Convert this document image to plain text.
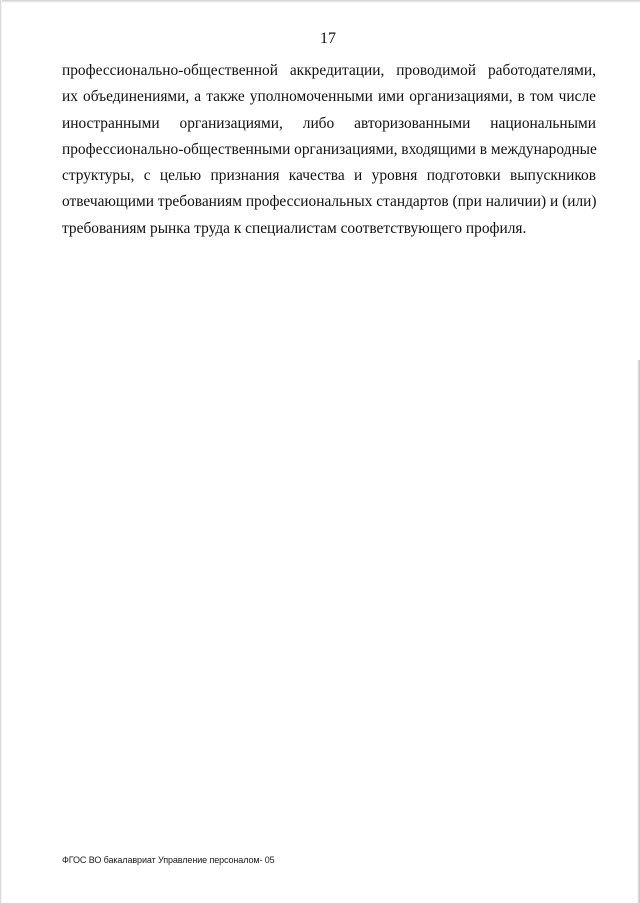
17

профессионально-общественной аккредитации, проводимой работодателями,
их объединениями, а также уполномоченными ими организациями, в том числе
иностранными организациями, либо авторизованными национальными
профессионально-общественными организациями, входящими в международные
структуры, с целью признания качества и уровня подготовки выпускников
отвечающими требованиям профессиональных стандартов (при наличии) и (или)
требованиям рынка труда к специалистам соответствующего профиля.

ФГОС ВО бакалавриат Управление персоналом- 05
